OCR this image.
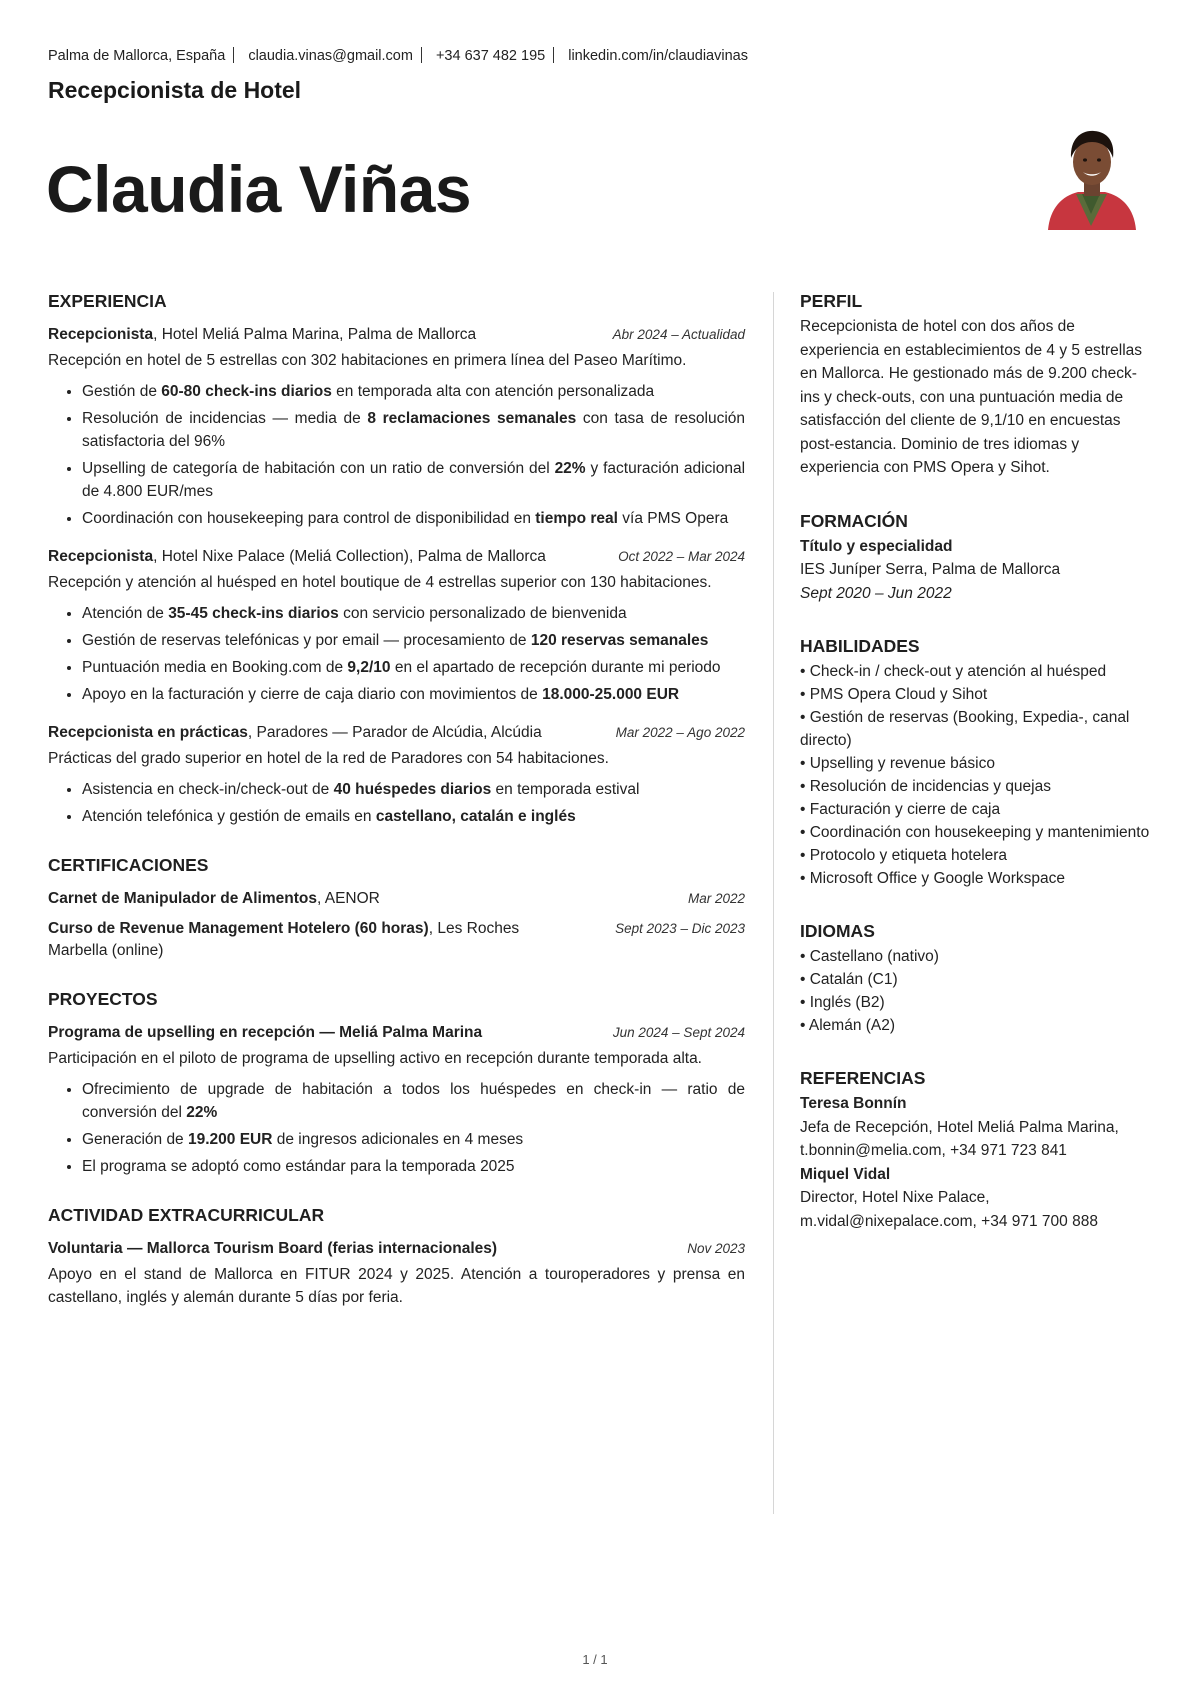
Palma de Mallorca, España claudia.vinas@gmail.com +34 637 482 195 linkedin.com/in/claudiavinas
Recepcionista de Hotel
Claudia Viñas
EXPERIENCIA
Recepcionista, Hotel Meliá Palma Marina, Palma de Mallorca	Abr 2024 – Actualidad
Recepción en hotel de 5 estrellas con 302 habitaciones en primera línea del Paseo Marítimo.
• Gestión de 60-80 check-ins diarios en temporada alta con atención personalizada
• Resolución de incidencias — media de 8 reclamaciones semanales con tasa de resolución satisfactoria del 96%
• Upselling de categoría de habitación con un ratio de conversión del 22% y facturación adicional de 4.800 EUR/mes
• Coordinación con housekeeping para control de disponibilidad en tiempo real vía PMS Opera
Recepcionista, Hotel Nixe Palace (Meliá Collection), Palma de Mallorca	Oct 2022 – Mar 2024
Recepción y atención al huésped en hotel boutique de 4 estrellas superior con 130 habitaciones.
• Atención de 35-45 check-ins diarios con servicio personalizado de bienvenida
• Gestión de reservas telefónicas y por email — procesamiento de 120 reservas semanales
• Puntuación media en Booking.com de 9,2/10 en el apartado de recepción durante mi periodo
• Apoyo en la facturación y cierre de caja diario con movimientos de 18.000-25.000 EUR
Recepcionista en prácticas, Paradores — Parador de Alcúdia, Alcúdia	Mar 2022 – Ago 2022
Prácticas del grado superior en hotel de la red de Paradores con 54 habitaciones.
• Asistencia en check-in/check-out de 40 huéspedes diarios en temporada estival
• Atención telefónica y gestión de emails en castellano, catalán e inglés
CERTIFICACIONES
Carnet de Manipulador de Alimentos, AENOR	Mar 2022
Curso de Revenue Management Hotelero (60 horas), Les Roches Marbella (online)
Sept 2023 – Dic 2023
PROYECTOS
Programa de upselling en recepción — Meliá Palma Marina	Jun 2024 – Sept 2024
Participación en el piloto de programa de upselling activo en recepción durante temporada alta.
• Ofrecimiento de upgrade de habitación a todos los huéspedes en check-in — ratio de conversión del 22%
• Generación de 19.200 EUR de ingresos adicionales en 4 meses
• El programa se adoptó como estándar para la temporada 2025
ACTIVIDAD EXTRACURRICULAR
Voluntaria — Mallorca Tourism Board (ferias internacionales)	Nov 2023
Apoyo en el stand de Mallorca en FITUR 2024 y 2025. Atención a touroperadores y prensa en castellano, inglés y alemán durante 5 días por feria.
PERFIL
Recepcionista de hotel con dos años de experiencia en establecimientos de 4 y 5 estrellas en Mallorca. He gestionado más de 9.200 check-ins y check-outs, con una puntuación media de satisfacción del cliente de 9,1/10 en encuestas post-estancia. Dominio de tres idiomas y experiencia con PMS Opera y Sihot.
FORMACIÓN
Título y especialidad
IES Juníper Serra, Palma de Mallorca
Sept 2020 – Jun 2022
HABILIDADES
• Check-in / check-out y atención al huésped
• PMS Opera Cloud y Sihot
• Gestión de reservas (Booking, Expedia-, canal directo)
• Upselling y revenue básico
• Resolución de incidencias y quejas
• Facturación y cierre de caja
• Coordinación con housekeeping y mantenimiento
• Protocolo y etiqueta hotelera
• Microsoft Office y Google Workspace
IDIOMAS
• Castellano (nativo)
• Catalán (C1)
• Inglés (B2)
• Alemán (A2)
REFERENCIAS
Teresa Bonnín
Jefa de Recepción, Hotel Meliá Palma Marina, t.bonnin@melia.com, +34 971 723 841
Miquel Vidal
Director, Hotel Nixe Palace, m.vidal@nixepalace.com, +34 971 700 888
1 / 1
